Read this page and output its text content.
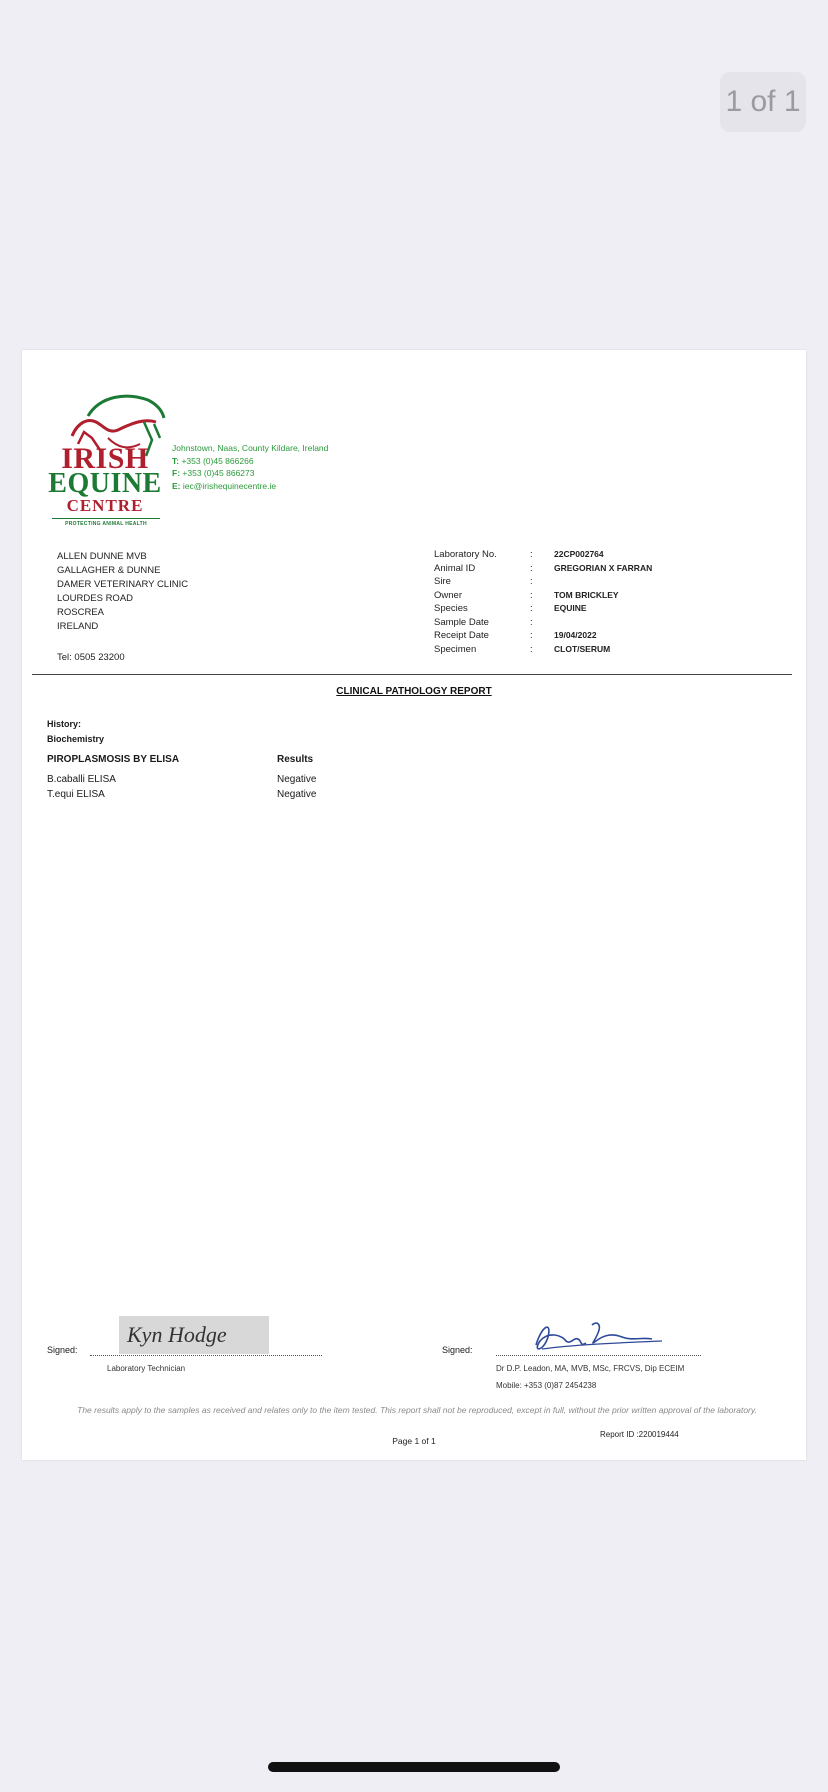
1 of 1
IRISH
EQUINE
CENTRE
PROTECTING ANIMAL HEALTH
Johnstown, Naas, County Kildare, Ireland
T: +353 (0)45 866266
F: +353 (0)45 866273
E: iec@irishequinecentre.ie
ALLEN DUNNE MVB
GALLAGHER & DUNNE
DAMER VETERINARY CLINIC
LOURDES ROAD
ROSCREA
IRELAND
Tel: 0505 23200
Laboratory No.	:	22CP002764
Animal ID	:	GREGORIAN X FARRAN
Sire	:
Owner	:	TOM BRICKLEY
Species	:	EQUINE
Sample Date	:
Receipt Date	:	19/04/2022
Specimen	:	CLOT/SERUM
CLINICAL PATHOLOGY REPORT
History:
Biochemistry
PIROPLASMOSIS BY ELISA	Results
B.caballi ELISA	Negative
T.equi ELISA	Negative
Signed:
Kyn Hodge
Laboratory Technician
Signed:
Dr D.P. Leadon, MA, MVB, MSc, FRCVS, Dip ECEIM
Mobile: +353 (0)87 2454238
The results apply to the samples as received and relates only to the item tested. This report shall not be reproduced, except in full, without the prior written approval of the laboratory.
Report ID :220019444
Page 1 of 1
